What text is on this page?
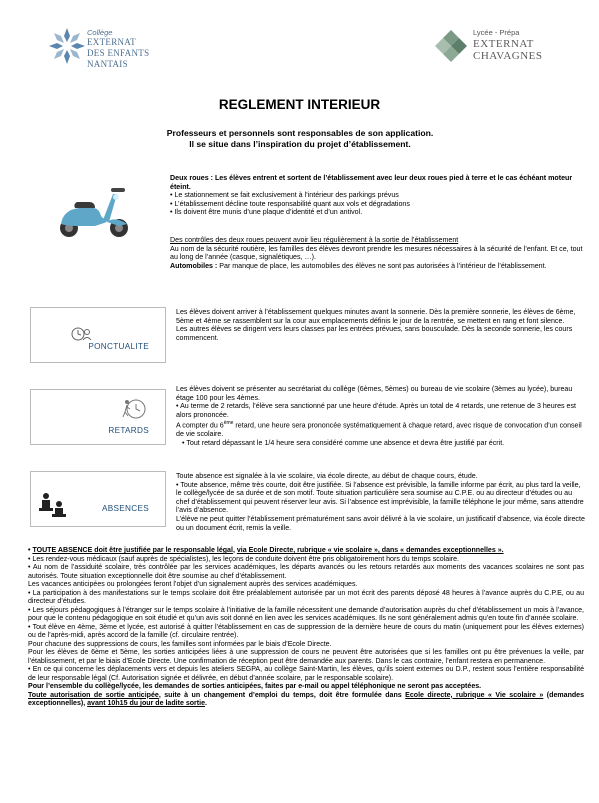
Collège
EXTERNAT
DES ENFANTS
NANTAIS
Lycée - Prépa
EXTERNAT
CHAVAGNES
REGLEMENT INTERIEUR
Professeurs et personnels sont responsables de son application.
Il se situe dans l’inspiration du projet d’établissement.

Deux roues : Les élèves entrent et sortent de l’établissement avec leur deux roues pied à terre et le cas échéant moteur éteint.

• Le stationnement se fait exclusivement à l’intérieur des parkings prévus

• L’établissement décline toute responsabilité quant aux vols et dégradations

• Ils doivent être munis d’une plaque d’identité et d’un antivol.

Des contrôles des deux roues peuvent avoir lieu régulièrement à la sortie de l’établissement

Au nom de la sécurité routière, les familles des élèves devront prendre les mesures nécessaires à la sécurité de l’enfant. Et ce, tout au long de l’année (casque, signalétiques, …).

Automobiles : Par manque de place, les automobiles des élèves ne sont pas autorisées à l’intérieur de l’établissement.

PONCTUALITE

Les élèves doivent arriver à l’établissement quelques minutes avant la sonnerie. Dès la première sonnerie, les élèves de 6ème, 5ème et 4ème se rassemblent sur la cour aux emplacements définis le jour de la rentrée, se mettent en rang et font silence.

Les autres élèves se dirigent vers leurs classes par les entrées prévues, sans bousculade. Dès la seconde sonnerie, les cours commencent.

RETARDS

Les élèves doivent se présenter au secrétariat du collège (6èmes, 5èmes) ou bureau de vie scolaire (3èmes au lycée), bureau étage 100 pour les 4èmes.

• Au terme de 2 retards, l’élève sera sanctionné par une heure d’étude. Après un total de 4 retards, une retenue de 3 heures est alors prononcée.

A compter du 6ème retard, une heure sera prononcée systématiquement à chaque retard, avec risque de convocation d’un conseil de vie scolaire.

• Tout retard dépassant le 1/4 heure sera considéré comme une absence et devra être justifié par écrit.

ABSENCES

Toute absence est signalée à la vie scolaire, via école directe, au début de chaque cours, étude.

• Toute absence, même très courte, doit être justifiée. Si l’absence est prévisible, la famille informe par écrit, au plus tard la veille, le collège/lycée de sa durée et de son motif. Toute situation particulière sera soumise au C.P.E. ou au directeur d’études ou au chef d’établissement qui peuvent réserver leur avis. Si l’absence est imprévisible, la famille téléphone le jour même, sans attendre l’avis d’absence.

L’élève ne peut quitter l’établissement prématurément sans avoir délivré à la vie scolaire, un justificatif d’absence, via école directe ou un document écrit, remis la veille.

• TOUTE ABSENCE doit être justifiée par le responsable légal, via Ecole Directe, rubrique « vie scolaire », dans « demandes exceptionnelles ».

• Les rendez-vous médicaux (sauf auprès de spécialistes), les leçons de conduite doivent être pris obligatoirement hors du temps scolaire.

• Au nom de l’assiduité scolaire, très contrôlée par les services académiques, les départs avancés ou les retours retardés aux moments des vacances scolaires ne sont pas autorisés. Toute situation exceptionnelle doit être soumise au chef d’établissement.

Les vacances anticipées ou prolongées feront l’objet d’un signalement auprès des services académiques.

• La participation à des manifestations sur le temps scolaire doit être préalablement autorisée par un mot écrit des parents déposé 48 heures à l’avance auprès du C.P.E, ou au directeur d’études.

• Les séjours pédagogiques à l’étranger sur le temps scolaire à l’initiative de la famille nécessitent une demande d’autorisation auprès du chef d’établissement un mois à l’avance, pour que le contenu pédagogique en soit étudié et qu’un avis soit donné en lien avec les services académiques. Ils ne sont généralement admis qu’en toute fin d’année scolaire.

• Tout élève en 4ème, 3ème et lycée, est autorisé à quitter l’établissement en cas de suppression de la dernière heure de cours du matin (uniquement pour les élèves externes) ou de l’après-midi, après accord de la famille (cf. circulaire rentrée).

Pour chacune des suppressions de cours, les familles sont informées par le biais d’Ecole Directe.

Pour les élèves de 6ème et 5ème, les sorties anticipées liées à une suppression de cours ne peuvent être autorisées que si les familles ont pu être prévenues la veille, par l’établissement, et par le biais d’Ecole Directe. Une confirmation de réception peut être demandée aux parents. Dans le cas contraire, l’enfant restera en permanence.

• En ce qui concerne les déplacements vers et depuis les ateliers SEGPA, au collège Saint-Martin, les élèves, qu’ils soient externes ou D.P., restent sous l’entière responsabilité de leur responsable légal (Cf. Autorisation signée et délivrée, en début d’année scolaire, par le responsable scolaire).

Pour l’ensemble du collège/lycée, les demandes de sorties anticipées, faites par e-mail ou appel téléphonique ne seront pas acceptées.

Toute autorisation de sortie anticipée, suite à un changement d’emploi du temps, doit être formulée dans Ecole directe, rubrique « Vie scolaire » (demandes exceptionnelles), avant 10h15 du jour de ladite sortie.
